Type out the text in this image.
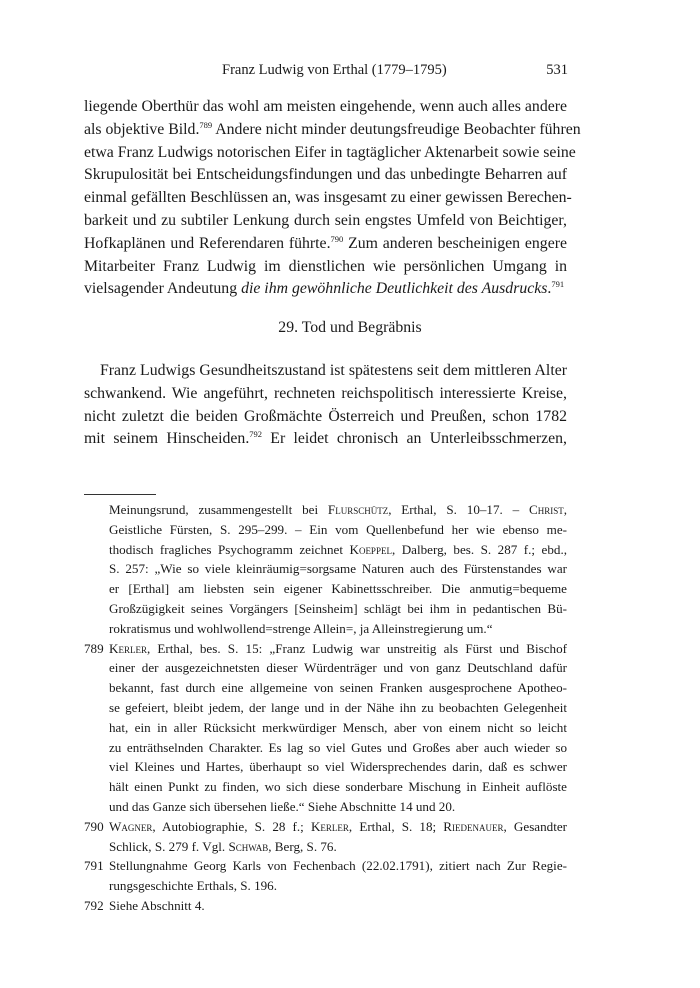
Franz Ludwig von Erthal (1779–1795)	531
liegende Oberthür das wohl am meisten eingehende, wenn auch alles andere
als objektive Bild.$^{789}$ Andere nicht minder deutungsfreudige Beobachter führen
etwa Franz Ludwigs notorischen Eifer in tagtäglicher Aktenarbeit sowie seine
Skrupulosität bei Entscheidungsfindungen und das unbedingte Beharren auf
einmal gefällten Beschlüssen an, was insgesamt zu einer gewissen Berechen-
barkeit und zu subtiler Lenkung durch sein engstes Umfeld von Beichtiger,
Hofkaplänen und Referendaren führte.$^{790}$ Zum anderen bescheinigen engere
Mitarbeiter Franz Ludwig im dienstlichen wie persönlichen Umgang in
vielsagender Andeutung die ihm gewöhnliche Deutlichkeit des Ausdrucks.$^{791}$
29. Tod und Begräbnis
Franz Ludwigs Gesundheitszustand ist spätestens seit dem mittleren Alter
schwankend. Wie angeführt, rechneten reichspolitisch interessierte Kreise,
nicht zuletzt die beiden Großmächte Österreich und Preußen, schon 1782
mit seinem Hinscheiden.$^{792}$ Er leidet chronisch an Unterleibsschmerzen,
Meinungsrund, zusammengestellt bei Flurschütz, Erthal, S. 10–17. – Christ,
Geistliche Fürsten, S. 295–299. – Ein vom Quellenbefund her wie ebenso me-
thodisch fragliches Psychogramm zeichnet Koeppel, Dalberg, bes. S. 287 f.; ebd.,
S. 257: „Wie so viele kleinräumig=sorgsame Naturen auch des Fürstenstandes war
er [Erthal] am liebsten sein eigener Kabinettsschreiber. Die anmutig=bequeme
Großzügigkeit seines Vorgängers [Seinsheim] schlägt bei ihm in pedantischen Bü-
rokratismus und wohlwollend=strenge Allein=, ja Alleinstregierung um.“
789 Kerler, Erthal, bes. S. 15: „Franz Ludwig war unstreitig als Fürst und Bischof
einer der ausgezeichnetsten dieser Würdenträger und von ganz Deutschland dafür
bekannt, fast durch eine allgemeine von seinen Franken ausgesprochene Apotheo-
se gefeiert, bleibt jedem, der lange und in der Nähe ihn zu beobachten Gelegenheit
hat, ein in aller Rücksicht merkwürdiger Mensch, aber von einem nicht so leicht
zu enträthselnden Charakter. Es lag so viel Gutes und Großes aber auch wieder so
viel Kleines und Hartes, überhaupt so viel Widersprechendes darin, daß es schwer
hält einen Punkt zu finden, wo sich diese sonderbare Mischung in Einheit auflöste
und das Ganze sich übersehen ließe.“ Siehe Abschnitte 14 und 20.
790 Wagner, Autobiographie, S. 28 f.; Kerler, Erthal, S. 18; Riedenauer, Gesandter
Schlick, S. 279 f. Vgl. Schwab, Berg, S. 76.
791 Stellungnahme Georg Karls von Fechenbach (22.02.1791), zitiert nach Zur Regie-
rungsgeschichte Erthals, S. 196.
792 Siehe Abschnitt 4.
